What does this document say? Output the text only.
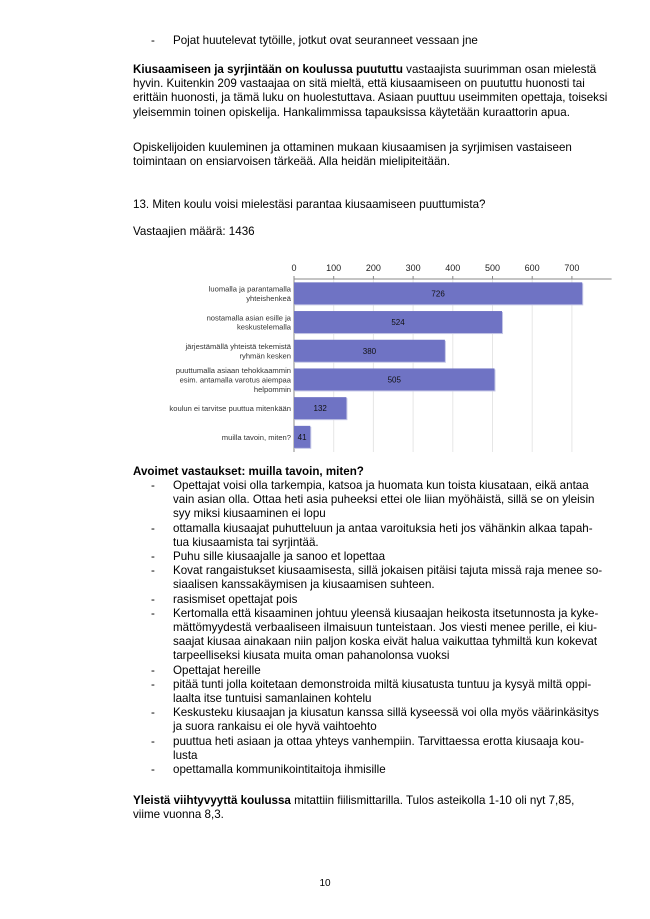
- Pojat huutelevat tytöille, jotkut ovat seuranneet vessaan jne

Kiusaamiseen ja syrjintään on koulussa puututtu vastaajista suurimman osan mielestä hyvin. Kuitenkin 209 vastaajaa on sitä mieltä, että kiusaamiseen on puututtu huonosti tai erittäin huonosti, ja tämä luku on huolestuttava. Asiaan puuttuu useimmiten opettaja, toiseksi yleisemmin toinen opiskelija. Hankalimmissa tapauksissa käytetään kuraattorin apua.

Opiskelijoiden kuuleminen ja ottaminen mukaan kiusaamisen ja syrjimisen vastaiseen toimintaan on ensiarvoisen tärkeää. Alla heidän mielipiteitään.

13. Miten koulu voisi mielestäsi parantaa kiusaamiseen puuttumista?

Vastaajien määrä: 1436

0	100	200	300	400	500	600	700
726
luomalla ja parantamalla
yhteishenkeä
524
nostamalla asian esille ja
keskustelemalla
380
järjestämällä yhteistä tekemistä
ryhmän kesken
505
puuttumalla asiaan tehokkaammin
esim. antamalla varotus aiempaa
helpommin
132
koulun ei tarvitse puuttua mitenkään
41
muilla tavoin, miten?

Avoimet vastaukset: muilla tavoin, miten?

- Opettajat voisi olla tarkempia, katsoa ja huomata kun toista kiusataan, eikä antaa
vain asian olla. Ottaa heti asia puheeksi ettei ole liian myöhäistä, sillä se on yleisin
syy miksi kiusaaminen ei lopu
- ottamalla kiusaajat puhutteluun ja antaa varoituksia heti jos vähänkin alkaa tapah-
tua kiusaamista tai syrjintää.
- Puhu sille kiusaajalle ja sanoo et lopettaa
- Kovat rangaistukset kiusaamisesta, sillä jokaisen pitäisi tajuta missä raja menee so-
siaalisen kanssakäymisen ja kiusaamisen suhteen.
- rasismiset opettajat pois
- Kertomalla että kisaaminen johtuu yleensä kiusaajan heikosta itsetunnosta ja kyke-
mättömyydestä verbaaliseen ilmaisuun tunteistaan. Jos viesti menee perille, ei kiu-
saajat kiusaa ainakaan niin paljon koska eivät halua vaikuttaa tyhmiltä kun kokevat
tarpeelliseksi kiusata muita oman pahanolonsa vuoksi
- Opettajat hereille
- pitää tunti jolla koitetaan demonstroida miltä kiusatusta tuntuu ja kysyä miltä oppi-
laalta itse tuntuisi samanlainen kohtelu
- Keskusteku kiusaajan ja kiusatun kanssa sillä kyseessä voi olla myös väärinkäsitys
ja suora rankaisu ei ole hyvä vaihtoehto
- puuttua heti asiaan ja ottaa yhteys vanhempiin. Tarvittaessa erotta kiusaaja kou-
lusta
- opettamalla kommunikointitaitoja ihmisille

Yleistä viihtyvyyttä koulussa mitattiin fiilismittarilla. Tulos asteikolla 1-10 oli nyt 7,85,
viime vuonna 8,3.

10
